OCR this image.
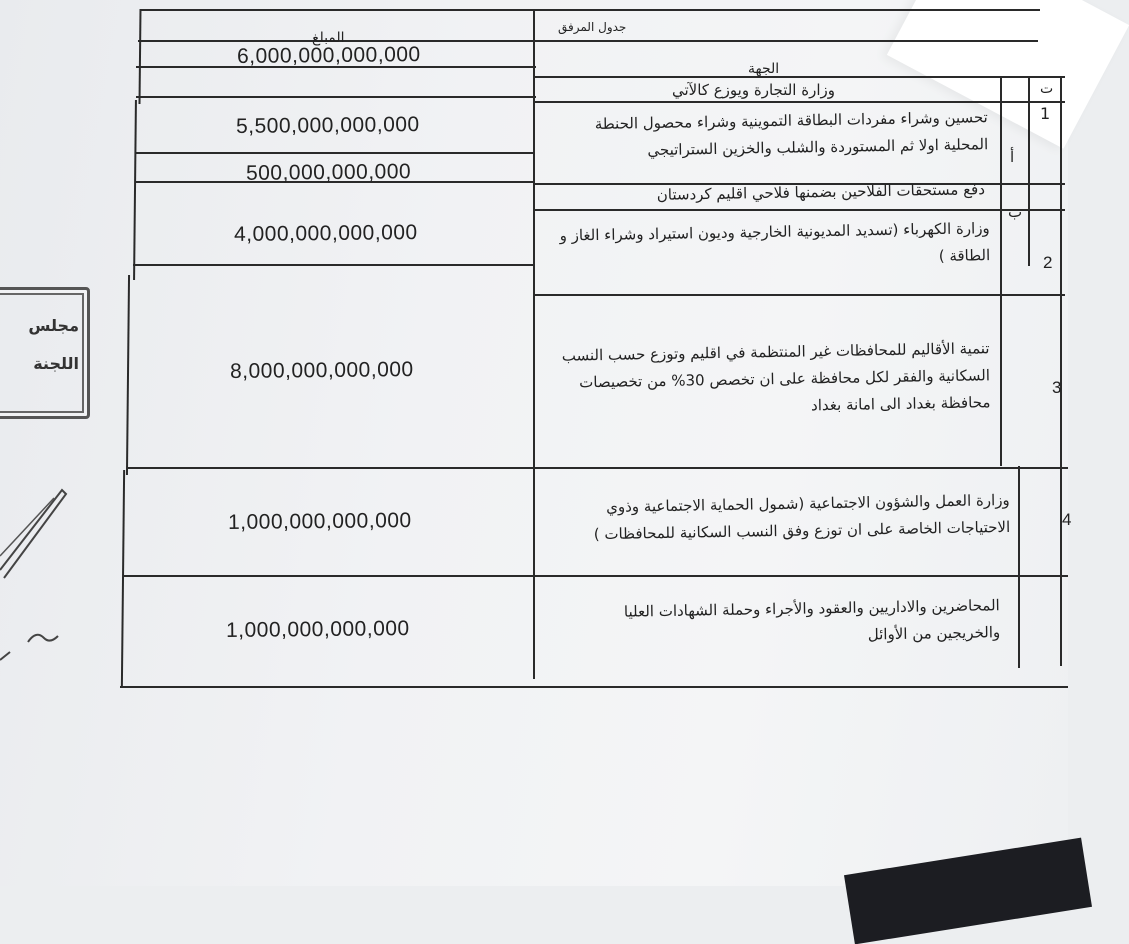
جدول المرفق
المبلغ
الجهة
ت
6,000,000,000,000
1
وزارة التجارة ويوزع كالآتي
5,500,000,000,000
أ
تحسين وشراء مفردات البطاقة التموينية وشراء محصول الحنطة المحلية اولا ثم المستوردة والشلب والخزين الستراتيجي
500,000,000,000
ب
دفع مستحقات الفلاحين بضمنها فلاحي اقليم كردستان
4,000,000,000,000
2
وزارة الكهرباء (تسديد المديونية الخارجية وديون استيراد وشراء الغاز و الطاقة )
8,000,000,000,000
3
تنمية الأقاليم للمحافظات غير المنتظمة في اقليم وتوزع حسب النسب السكانية والفقر لكل محافظة على ان تخصص 30% من تخصيصات محافظة بغداد الى امانة بغداد
1,000,000,000,000	4
وزارة العمل والشؤون الاجتماعية (شمول الحماية الاجتماعية وذوي الاحتياجات الخاصة على ان توزع وفق النسب السكانية للمحافظات )
1,000,000,000,000
المحاضرين والاداريين والعقود والأجراء وحملة الشهادات العليا والخريجين من الأوائل
مجلس
اللجنة
